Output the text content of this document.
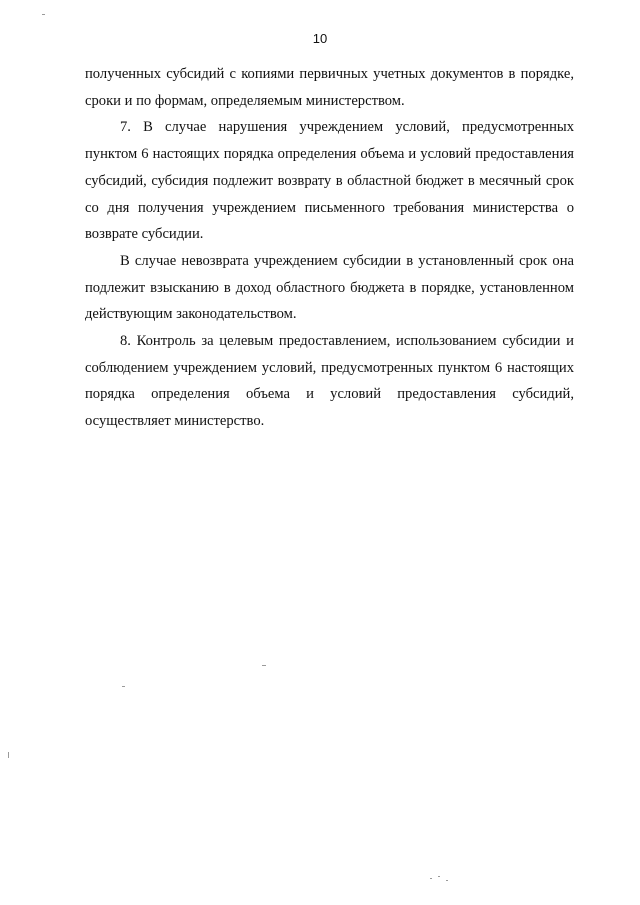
10

полученных субсидий с копиями первичных учетных документов в порядке, сроки и по формам, определяемым министерством.

7. В случае нарушения учреждением условий, предусмотренных пунктом 6 настоящих порядка определения объема и условий предоставления субсидий, субсидия подлежит возврату в областной бюджет в месячный срок со дня получения учреждением письменного требования министерства о возврате субсидии.

В случае невозврата учреждением субсидии в установленный срок она подлежит взысканию в доход областного бюджета в порядке, установленном действующим законодательством.

8. Контроль за целевым предоставлением, использованием субсидии и соблюдением учреждением условий, предусмотренных пунктом 6 настоящих порядка определения объема и условий предоставления субсидий, осуществляет министерство.
